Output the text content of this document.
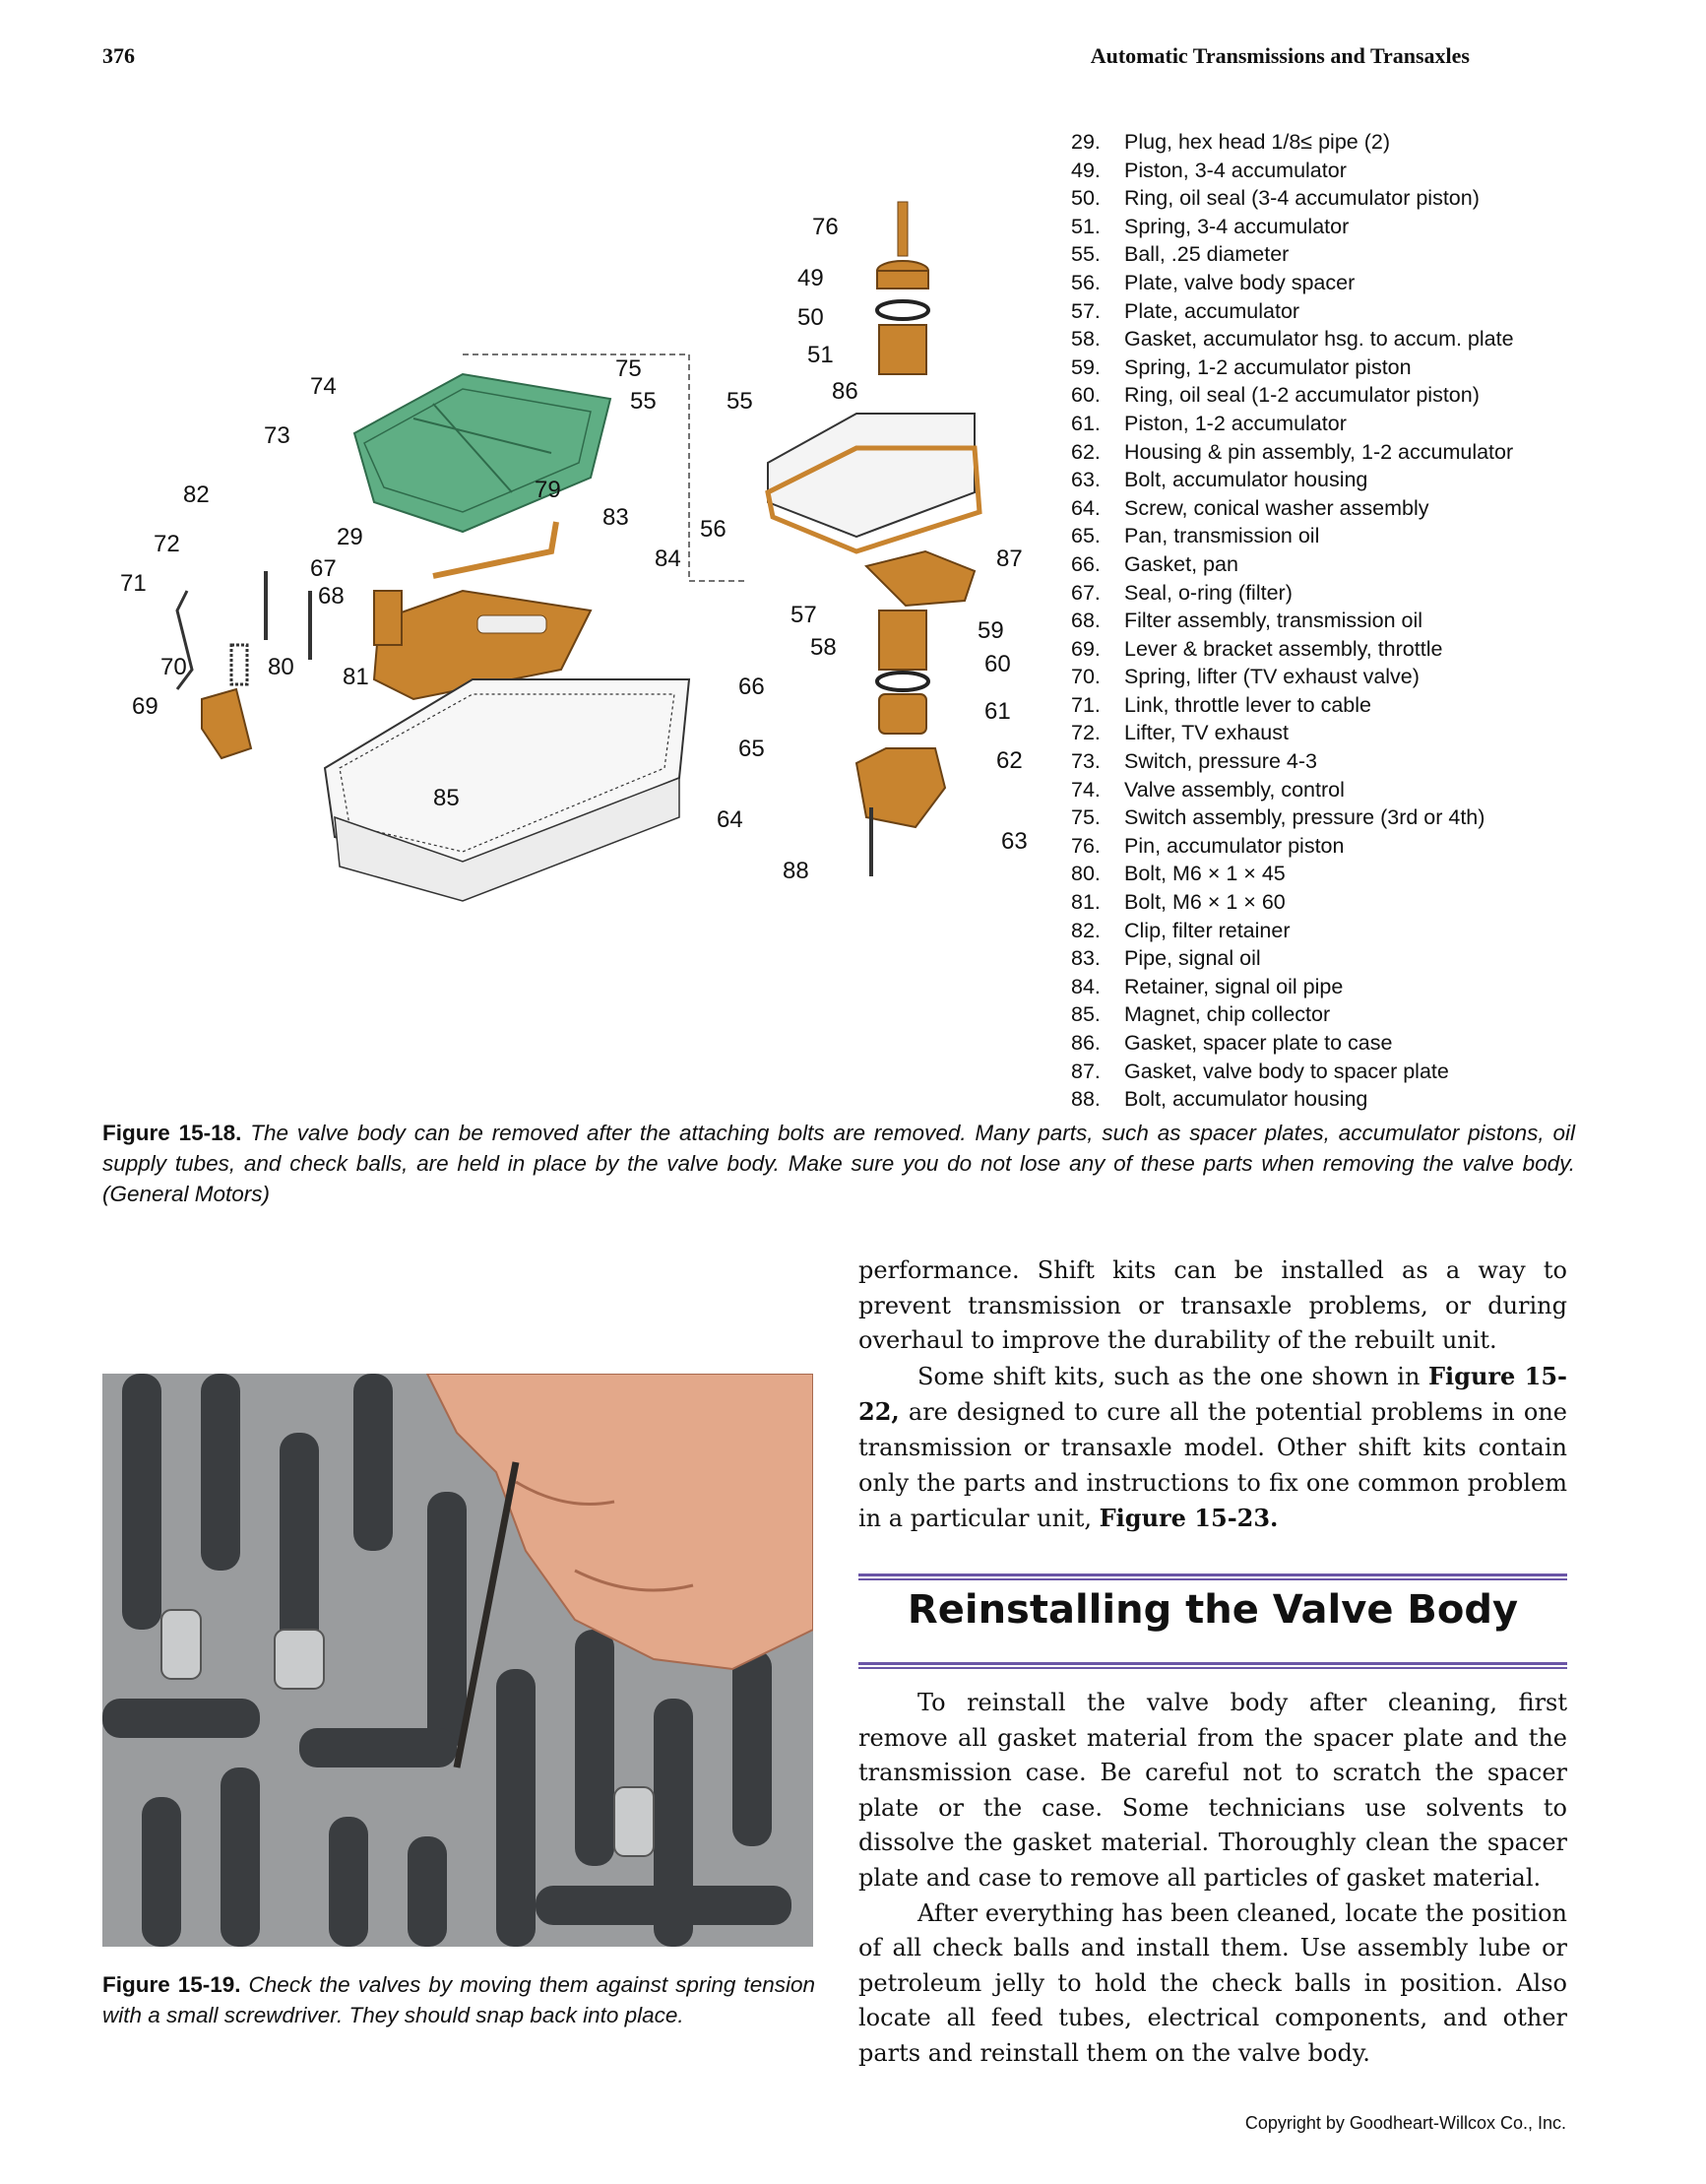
376	Automatic Transmissions and Transaxles
76
49
50
51
86
55
75
55
74
73
82	79
83
29	56
72
67	84	87
71	68
57
59
58
60
70	80 81	66
61
69
65	62
85
64
63
88
29. Plug, hex head 1/8≤ pipe (2)
49. Piston, 3-4 accumulator
50. Ring, oil seal (3-4 accumulator piston)
51. Spring, 3-4 accumulator
55. Ball, .25 diameter
56. Plate, valve body spacer
57. Plate, accumulator
58. Gasket, accumulator hsg. to accum. plate
59. Spring, 1-2 accumulator piston
60. Ring, oil seal (1-2 accumulator piston)
61. Piston, 1-2 accumulator
62. Housing & pin assembly, 1-2 accumulator
63. Bolt, accumulator housing
64. Screw, conical washer assembly
65. Pan, transmission oil
66. Gasket, pan
67. Seal, o-ring (filter)
68. Filter assembly, transmission oil
69. Lever & bracket assembly, throttle
70. Spring, lifter (TV exhaust valve)
71. Link, throttle lever to cable
72. Lifter, TV exhaust
73. Switch, pressure 4-3
74. Valve assembly, control
75. Switch assembly, pressure (3rd or 4th)
76. Pin, accumulator piston
80. Bolt, M6 × 1 × 45
81. Bolt, M6 × 1 × 60
82. Clip, filter retainer
83. Pipe, signal oil
84. Retainer, signal oil pipe
85. Magnet, chip collector
86. Gasket, spacer plate to case
87. Gasket, valve body to spacer plate
88. Bolt, accumulator housing
Figure 15-18. The valve body can be removed after the attaching bolts are removed. Many parts, such as spacer plates, accumulator pistons, oil supply tubes, and check balls, are held in place by the valve body. Make sure you do not lose any of these parts when removing the valve body. (General Motors)
Figure 15-19. Check the valves by moving them against spring tension with a small screwdriver. They should snap back into place.

performance. Shift kits can be installed as a way to prevent transmission or transaxle problems, or during overhaul to improve the durability of the rebuilt unit.

Some shift kits, such as the one shown in Figure 15-22, are designed to cure all the potential problems in one transmission or transaxle model. Other shift kits contain only the parts and instructions to fix one common problem in a particular unit, Figure 15-23.

Reinstalling the Valve Body

To reinstall the valve body after cleaning, first remove all gasket material from the spacer plate and the transmission case. Be careful not to scratch the spacer plate or the case. Some technicians use solvents to dissolve the gasket material. Thoroughly clean the spacer plate and case to remove all particles of gasket material.

After everything has been cleaned, locate the position of all check balls and install them. Use assembly lube or petroleum jelly to hold the check balls in position. Also locate all feed tubes, electrical components, and other parts and reinstall them on the valve body.

Copyright by Goodheart-Willcox Co., Inc.
